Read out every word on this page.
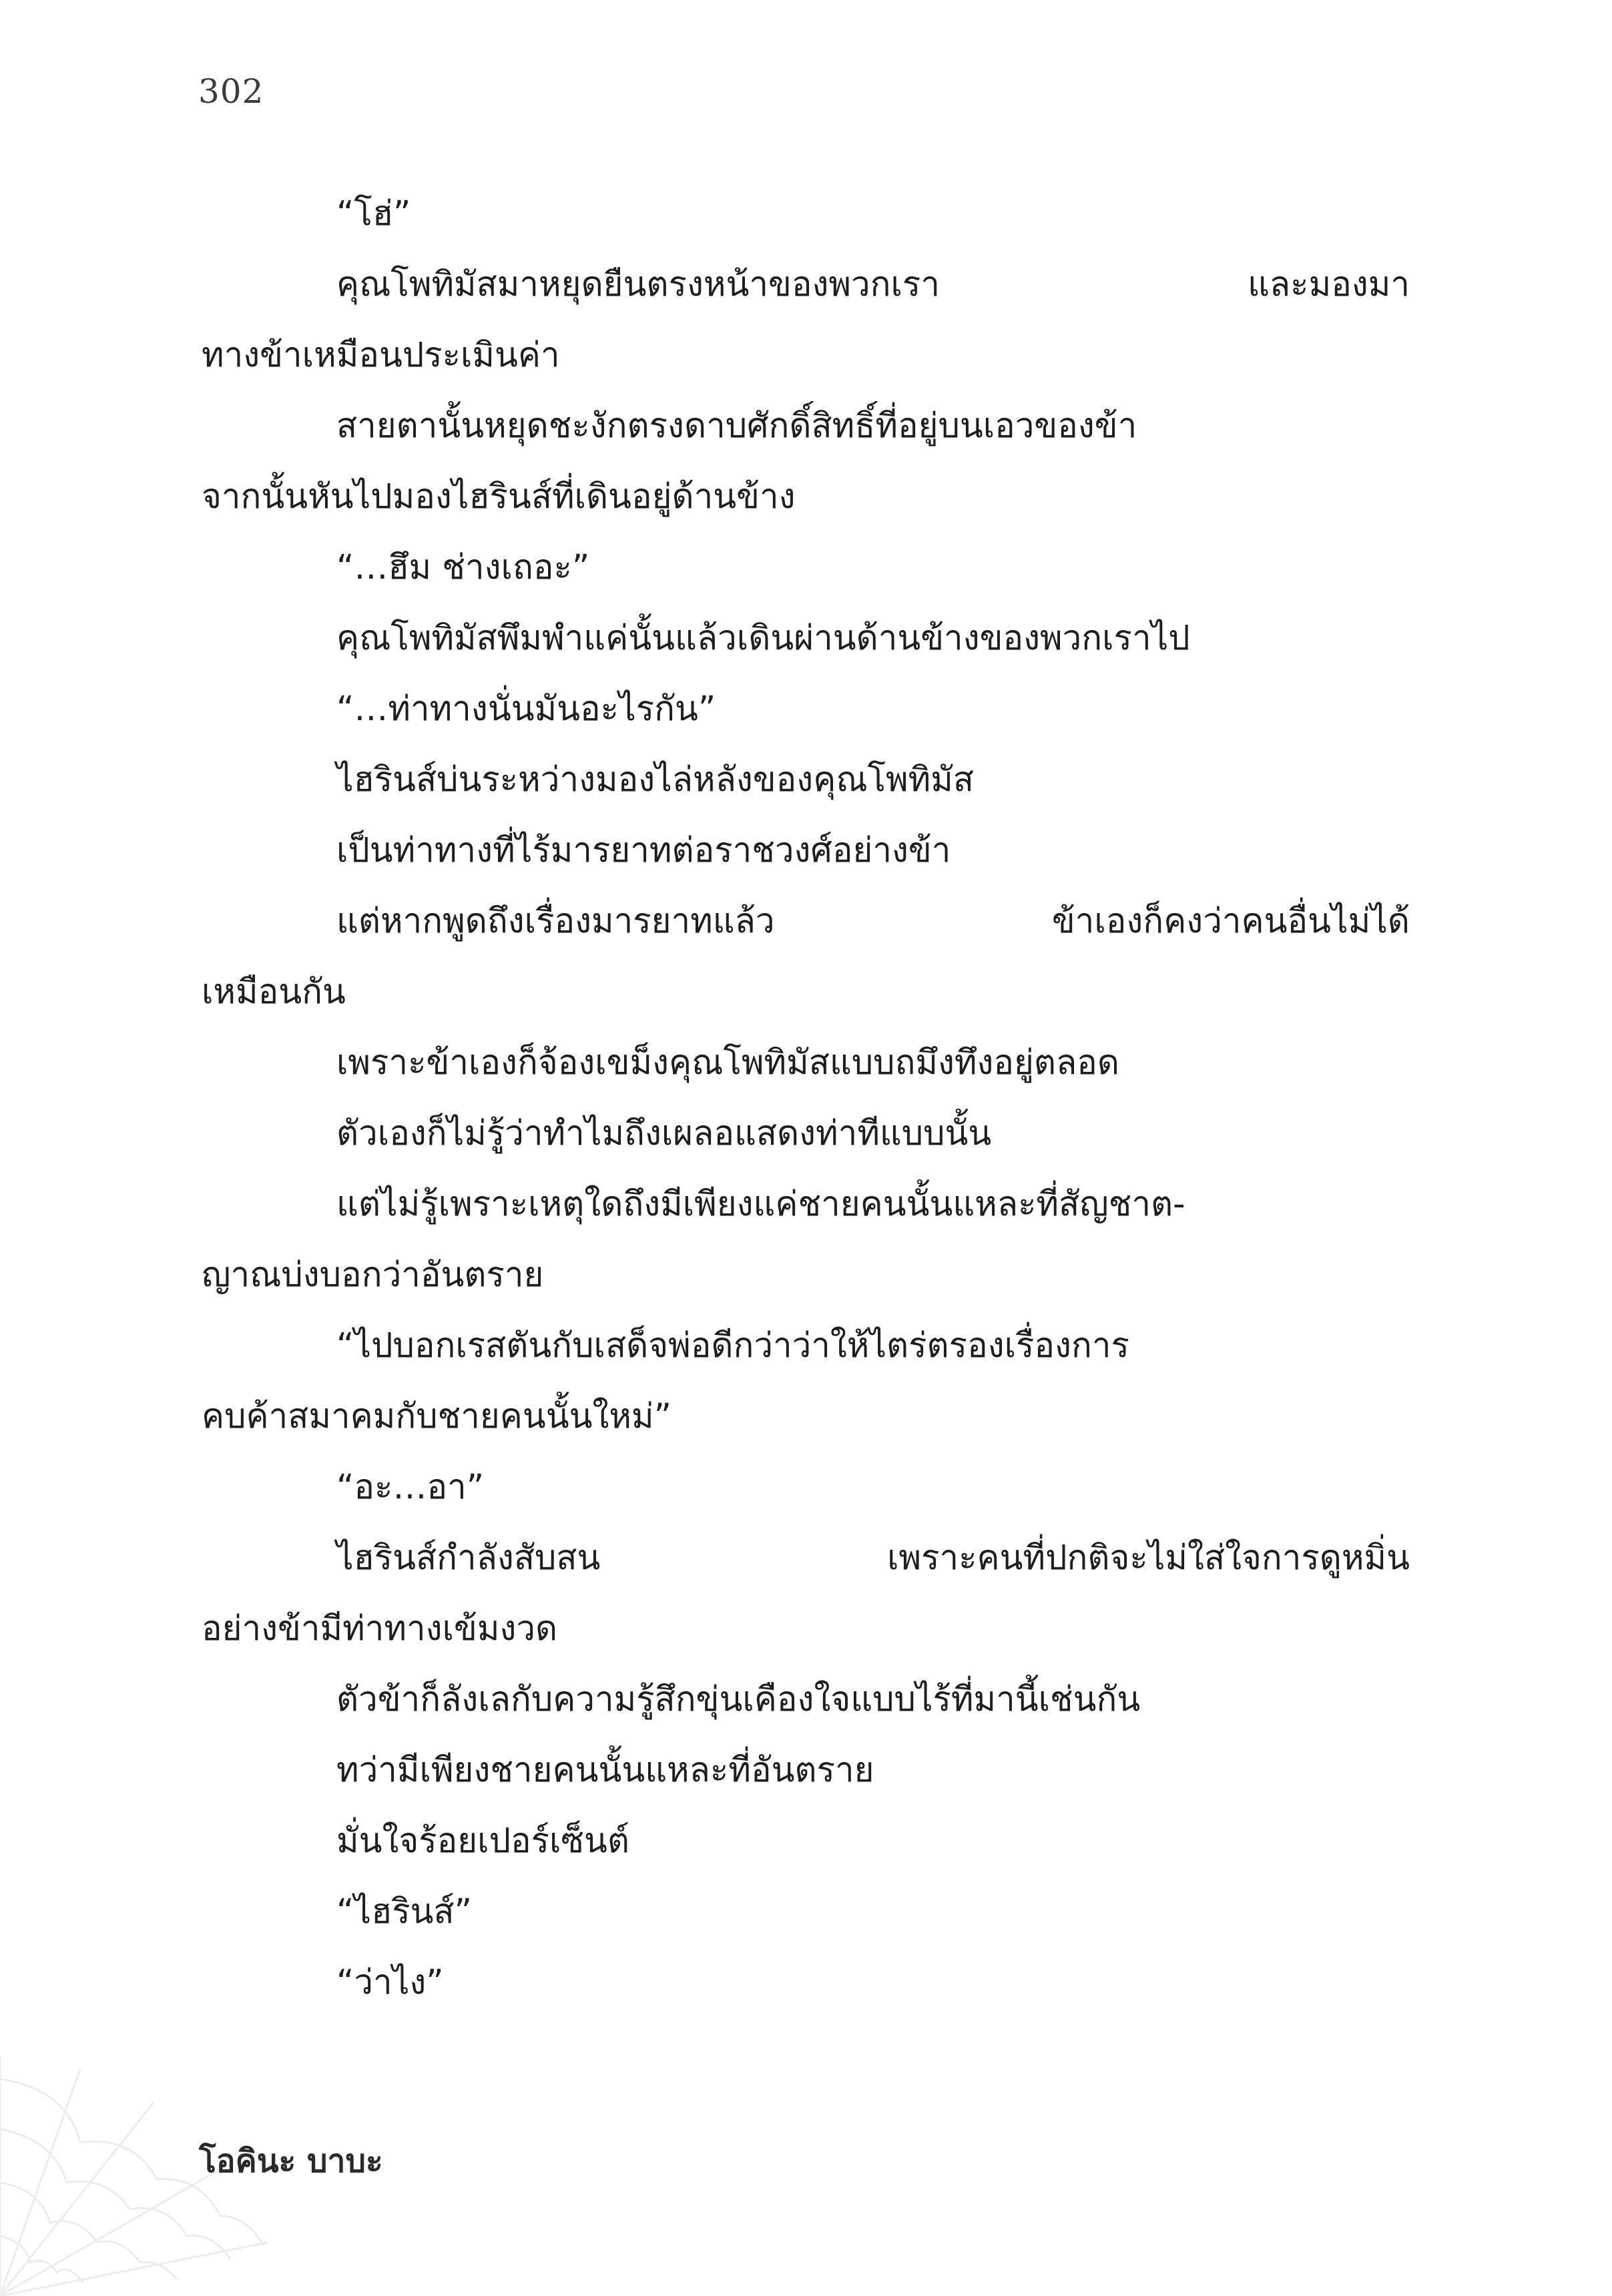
302
“โฮ่”
คุณโพทิมัสมาหยุดยืนตรงหน้าของพวกเรา	และมองมา
ทางข้าเหมือนประเมินค่า
สายตานั้นหยุดชะงักตรงดาบศักดิ์สิทธิ์ที่อยู่บนเอวของข้า
จากนั้นหันไปมองไฮรินส์ที่เดินอยู่ด้านข้าง
“…ฮึม ช่างเถอะ”
คุณโพทิมัสพึมพำแค่นั้นแล้วเดินผ่านด้านข้างของพวกเราไป
“…ท่าทางนั่นมันอะไรกัน”
ไฮรินส์บ่นระหว่างมองไล่หลังของคุณโพทิมัส
เป็นท่าทางที่ไร้มารยาทต่อราชวงศ์อย่างข้า
แต่หากพูดถึงเรื่องมารยาทแล้ว	ข้าเองก็คงว่าคนอื่นไม่ได้
เหมือนกัน
เพราะข้าเองก็จ้องเขม็งคุณโพทิมัสแบบถมึงทึงอยู่ตลอด
ตัวเองก็ไม่รู้ว่าทำไมถึงเผลอแสดงท่าทีแบบนั้น
แต่ไม่รู้เพราะเหตุใดถึงมีเพียงแค่ชายคนนั้นแหละที่สัญชาต-
ญาณบ่งบอกว่าอันตราย
“ไปบอกเรสตันกับเสด็จพ่อดีกว่าว่าให้ไตร่ตรองเรื่องการ
คบค้าสมาคมกับชายคนนั้นใหม่”
“อะ…อา”
ไฮรินส์กำลังสับสน	เพราะคนที่ปกติจะไม่ใส่ใจการดูหมิ่น
อย่างข้ามีท่าทางเข้มงวด
ตัวข้าก็ลังเลกับความรู้สึกขุ่นเคืองใจแบบไร้ที่มานี้เช่นกัน
ทว่ามีเพียงชายคนนั้นแหละที่อันตราย
มั่นใจร้อยเปอร์เซ็นต์
“ไฮรินส์”
“ว่าไง”
โอคินะ บาบะ
